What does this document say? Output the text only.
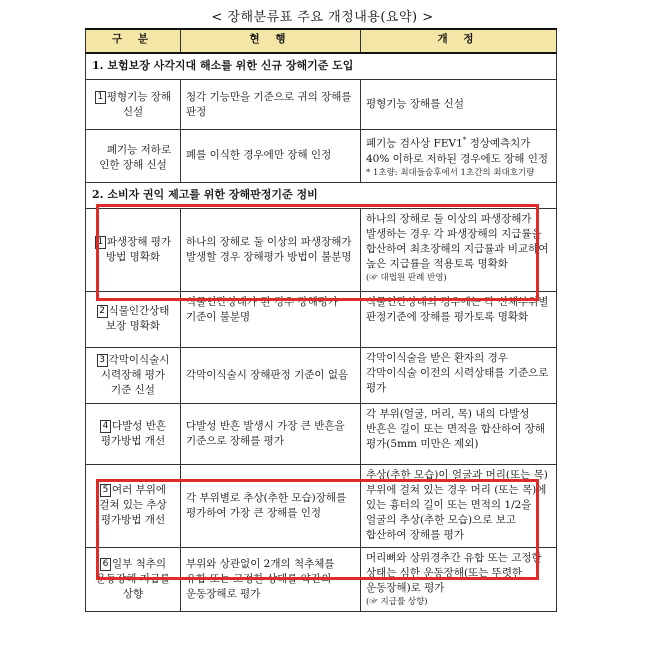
< 장해분류표 주요 개정내용(요약) >
구 분	현 행	개 정
1. 보험보장 사각지대 해소를 위한 신규 장해기준 도입		
1 평형기능 장해 신설	청각 기능만을 기준으로 귀의 장해를 판정	평형기능 장해를 신설
폐기능 저하로 인한 장해 신설	폐를 이식한 경우에만 장해 인정	폐기능 검사상 FEV1* 정상예측치가 40% 이하로 저하된 경우에도 장해 인정
* 1초량: 최대들숨후에서 1초간의 최대호기량

2. 소비자 권익 제고를 위한 장해판정기준 정비		
1 파생장해 평가 방법 명확화	하나의 장해로 둘 이상의 파생장해가 발생할 경우 장해평가 방법이 불분명	하나의 장해로 둘 이상의 파생장해가 발생하는 경우 각 파생장해의 지급률을 합산하여 최초장해의 지급률과 비교하여 높은 지급률을 적용토록 명확화
(☞ 대법원 판례 반영)

2 식물인간상태 보장 명확화	식물인간상태가 된 경우 장해평가 기준이 불분명	식물인간상태의 경우에는 각 신체부위별 판정기준에 장해를 평가토록 명확화
3 각막이식술시 시력장해 평가 기준 신설	각막이식술시 장해판정 기준이 없음	각막이식술을 받은 환자의 경우 각막이식술 이전의 시력상태를 기준으로 평가
4 다발성 반흔 평가방법 개선	다발성 반흔 발생시 가장 큰 반흔을 기준으로 장해를 평가	각 부위(얼굴, 머리, 목) 내의 다발성 반흔은 길이 또는 면적을 합산하여 장해 평가(5mm 미만은 제외)
5 여러 부위에 걸쳐 있는 추상 평가방법 개선	각 부위별로 추상(추한 모습)장해를 평가하여 가장 큰 장해를 인정	추상(추한 모습)이 얼굴과 머리(또는 목) 부위에 걸쳐 있는 경우 머리 (또는 목)에 있는 흉터의 길이 또는 면적의 1/2을 얼굴의 추상(추한 모습)으로 보고 합산하여 장해를 평가
6 일부 척추의 운동장해 지급률 상향	부위와 상관없이 2개의 척추체를 유합 또는 고정한 상태를 약간의 운동장해로 평가	머리뼈와 상위경추간 유합 또는 고정한 상태는 심한 운동장해(또는 뚜렷한 운동장해)로 평가
(☞ 지급률 상향)
